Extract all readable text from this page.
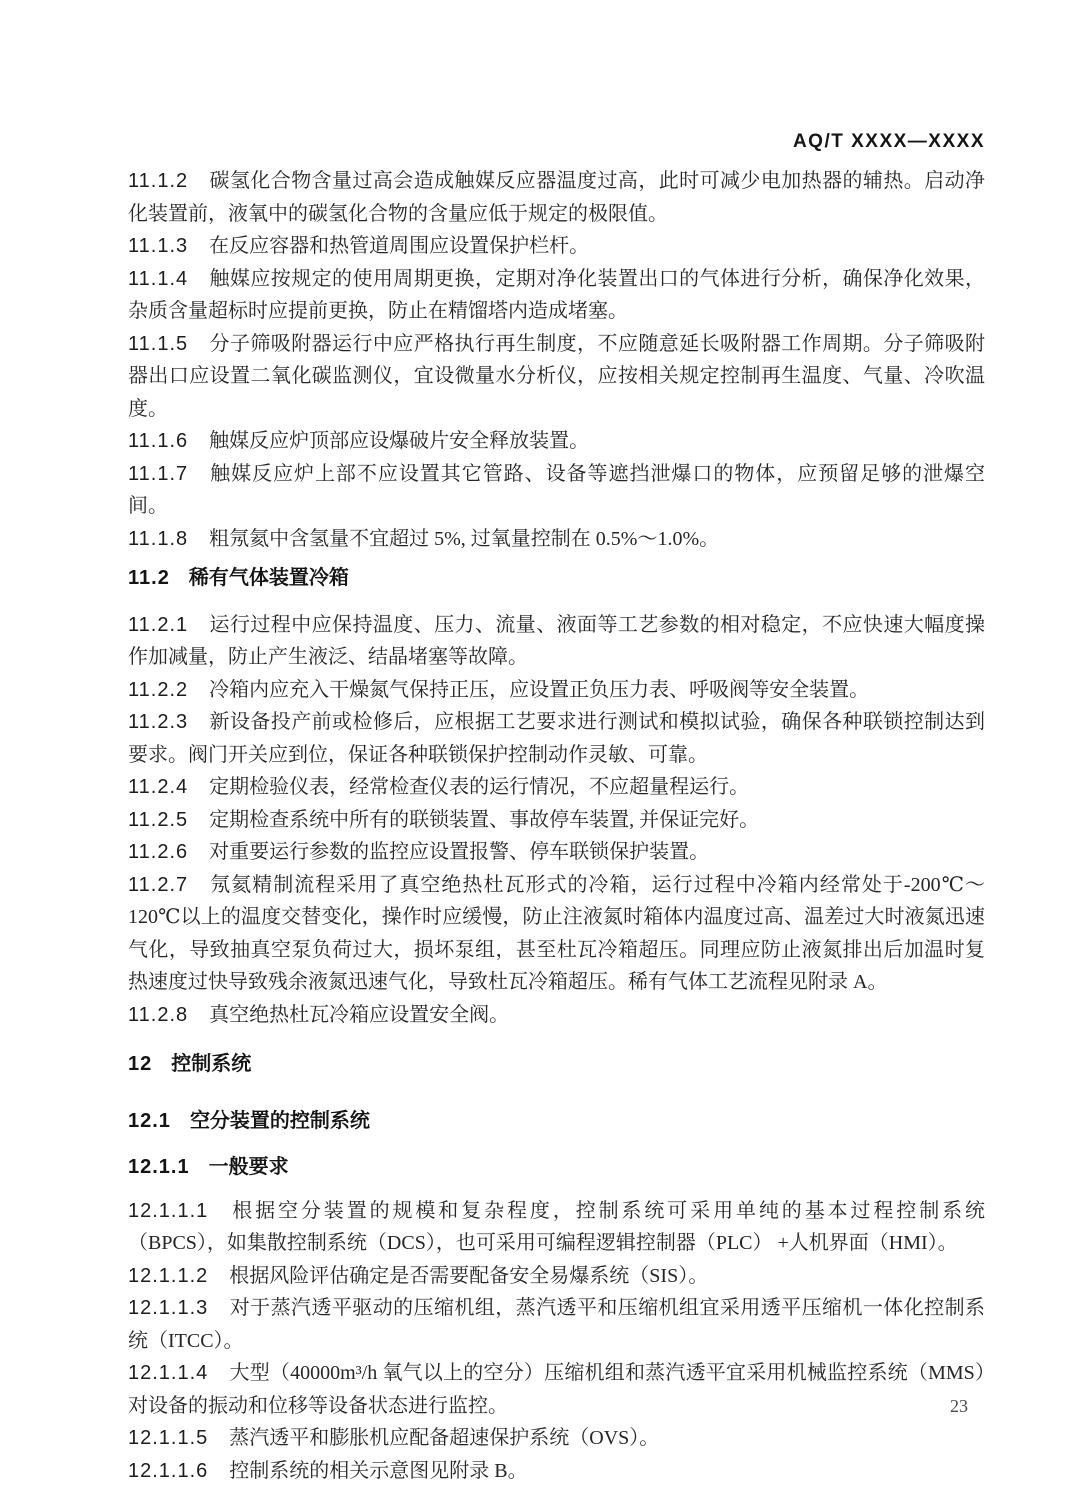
AQ/T XXXX—XXXX

11.1.2 碳氢化合物含量过高会造成触媒反应器温度过高，此时可减少电加热器的辅热。启动净化装置前，液氧中的碳氢化合物的含量应低于规定的极限值。

11.1.3 在反应容器和热管道周围应设置保护栏杆。

11.1.4 触媒应按规定的使用周期更换，定期对净化装置出口的气体进行分析，确保净化效果，杂质含量超标时应提前更换，防止在精馏塔内造成堵塞。

11.1.5 分子筛吸附器运行中应严格执行再生制度，不应随意延长吸附器工作周期。分子筛吸附器出口应设置二氧化碳监测仪，宜设微量水分析仪，应按相关规定控制再生温度、气量、冷吹温度。

11.1.6 触媒反应炉顶部应设爆破片安全释放装置。

11.1.7 触媒反应炉上部不应设置其它管路、设备等遮挡泄爆口的物体，应预留足够的泄爆空间。

11.1.8 粗氖氦中含氢量不宜超过 5%, 过氧量控制在 0.5%～1.0%。

11.2 稀有气体装置冷箱

11.2.1 运行过程中应保持温度、压力、流量、液面等工艺参数的相对稳定，不应快速大幅度操作加减量，防止产生液泛、结晶堵塞等故障。

11.2.2 冷箱内应充入干燥氮气保持正压，应设置正负压力表、呼吸阀等安全装置。

11.2.3 新设备投产前或检修后，应根据工艺要求进行测试和模拟试验，确保各种联锁控制达到要求。阀门开关应到位，保证各种联锁保护控制动作灵敏、可靠。

11.2.4 定期检验仪表，经常检查仪表的运行情况，不应超量程运行。

11.2.5 定期检查系统中所有的联锁装置、事故停车装置, 并保证完好。

11.2.6 对重要运行参数的监控应设置报警、停车联锁保护装置。

11.2.7 氖氦精制流程采用了真空绝热杜瓦形式的冷箱，运行过程中冷箱内经常处于-200℃～120℃以上的温度交替变化，操作时应缓慢，防止注液氮时箱体内温度过高、温差过大时液氮迅速气化，导致抽真空泵负荷过大，损坏泵组，甚至杜瓦冷箱超压。同理应防止液氮排出后加温时复热速度过快导致残余液氮迅速气化，导致杜瓦冷箱超压。稀有气体工艺流程见附录 A。

11.2.8 真空绝热杜瓦冷箱应设置安全阀。

12 控制系统

12.1 空分装置的控制系统

12.1.1 一般要求

12.1.1.1 根据空分装置的规模和复杂程度，控制系统可采用单纯的基本过程控制系统（BPCS），如集散控制系统（DCS），也可采用可编程逻辑控制器（PLC） +人机界面（HMI）。

12.1.1.2 根据风险评估确定是否需要配备安全易爆系统（SIS）。

12.1.1.3 对于蒸汽透平驱动的压缩机组，蒸汽透平和压缩机组宜采用透平压缩机一体化控制系统（ITCC）。

12.1.1.4 大型（40000m³/h 氧气以上的空分）压缩机组和蒸汽透平宜采用机械监控系统（MMS）对设备的振动和位移等设备状态进行监控。

12.1.1.5 蒸汽透平和膨胀机应配备超速保护系统（OVS）。

12.1.1.6 控制系统的相关示意图见附录 B。

23
